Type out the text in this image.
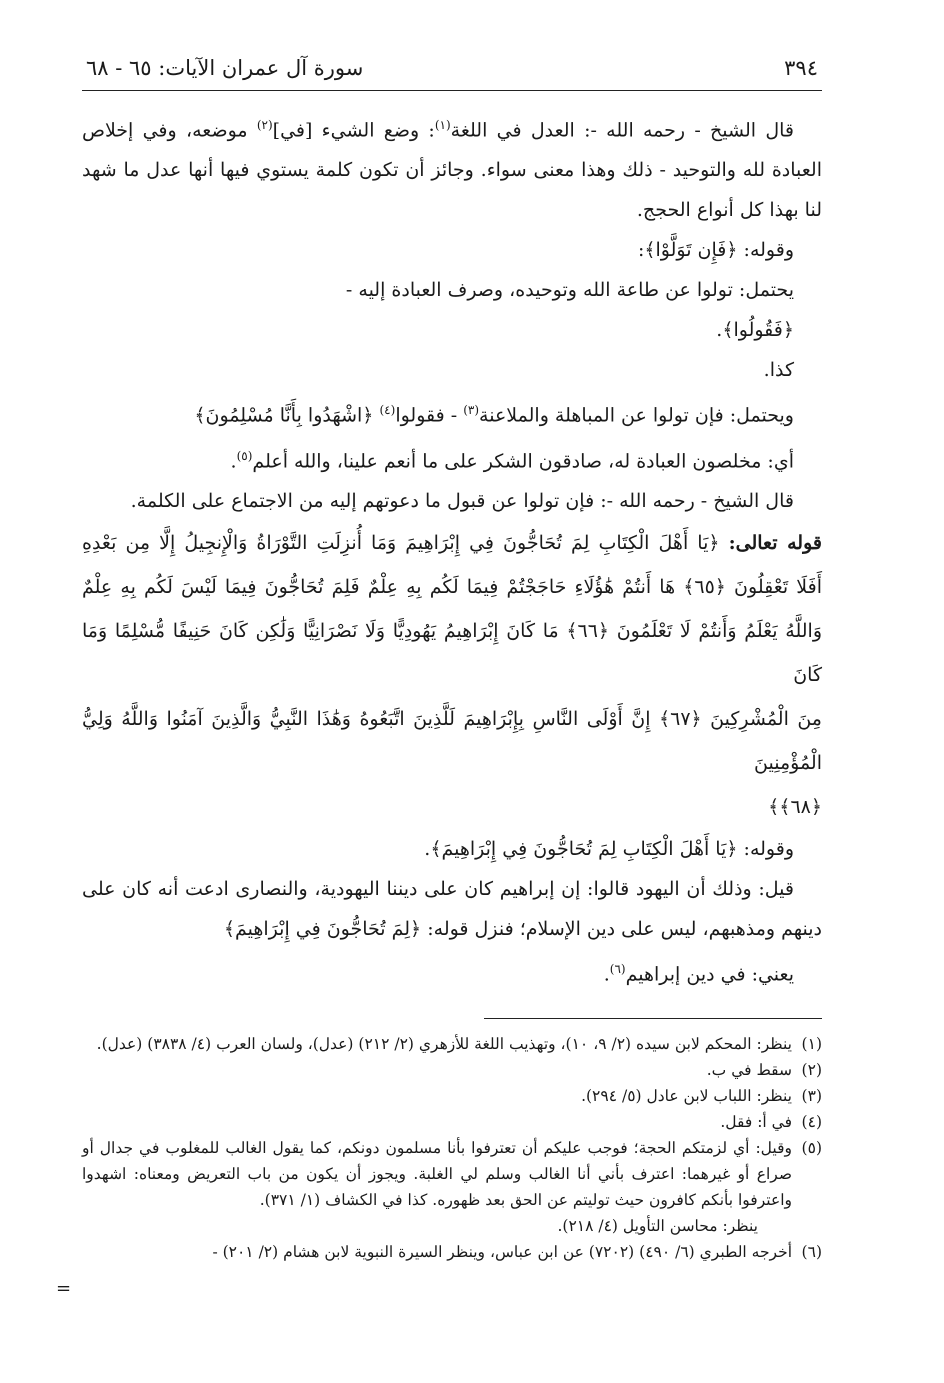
٣٩٤
سورة آل عمران الآيات: ٦٥ - ٦٨

قال الشيخ - رحمه الله -: العدل في اللغة$^{(١)}$: وضع الشيء [في]$^{(٢)}$ موضعه، وفي إخلاص العبادة لله والتوحيد - ذلك وهذا معنى سواء. وجائز أن تكون كلمة يستوي فيها أنها عدل ما شهد لنا بهذا كل أنواع الحجج.

وقوله: ﴿فَإِن تَوَلَّوْا﴾:

يحتمل: تولوا عن طاعة الله وتوحيده، وصرف العبادة إليه -

﴿فَقُولُوا﴾.

كذا.

ويحتمل: فإن تولوا عن المباهلة والملاعنة$^{(٣)}$ - فقولوا$^{(٤)}$ ﴿اشْهَدُوا بِأَنَّا مُسْلِمُونَ﴾

أي: مخلصون العبادة له، صادقون الشكر على ما أنعم علينا، والله أعلم$^{(٥)}$.

قال الشيخ - رحمه الله -: فإن تولوا عن قبول ما دعوتهم إليه من الاجتماع على الكلمة.

قوله تعالى: ﴿يَا أَهْلَ الْكِتَابِ لِمَ تُحَاجُّونَ فِي إِبْرَاهِيمَ وَمَا أُنزِلَتِ التَّوْرَاةُ وَالْإِنجِيلُ إِلَّا مِن بَعْدِهِ

أَفَلَا تَعْقِلُونَ ﴿٦٥﴾ هَا أَنتُمْ هَٰؤُلَاءِ حَاجَجْتُمْ فِيمَا لَكُم بِهِ عِلْمٌ فَلِمَ تُحَاجُّونَ فِيمَا لَيْسَ لَكُم بِهِ عِلْمٌ

وَاللَّهُ يَعْلَمُ وَأَنتُمْ لَا تَعْلَمُونَ ﴿٦٦﴾ مَا كَانَ إِبْرَاهِيمُ يَهُودِيًّا وَلَا نَصْرَانِيًّا وَلَٰكِن كَانَ حَنِيفًا مُّسْلِمًا وَمَا كَانَ

مِنَ الْمُشْرِكِينَ ﴿٦٧﴾ إِنَّ أَوْلَى النَّاسِ بِإِبْرَاهِيمَ لَلَّذِينَ اتَّبَعُوهُ وَهَٰذَا النَّبِيُّ وَالَّذِينَ آمَنُوا وَاللَّهُ وَلِيُّ الْمُؤْمِنِينَ

﴿٦٨﴾﴾

وقوله: ﴿يَا أَهْلَ الْكِتَابِ لِمَ تُحَاجُّونَ فِي إِبْرَاهِيمَ﴾.

قيل: وذلك أن اليهود قالوا: إن إبراهيم كان على ديننا اليهودية، والنصارى ادعت أنه كان على دينهم ومذهبهم، ليس على دين الإسلام؛ فنزل قوله: ﴿لِمَ تُحَاجُّونَ فِي إِبْرَاهِيمَ﴾

يعني: في دين إبراهيم$^{(٦)}$.

(١)
ينظر: المحكم لابن سيده (٢/ ٩، ١٠)، وتهذيب اللغة للأزهري (٢/ ٢١٢) (عدل)، ولسان العرب (٤/ ٣٨٣٨) (عدل).

(٢)
سقط في ب.

(٣)
ينظر: اللباب لابن عادل (٥/ ٢٩٤).

(٤)
في أ: فقل.

(٥)
وقيل: أي لزمتكم الحجة؛ فوجب عليكم أن تعترفوا بأنا مسلمون دونكم، كما يقول الغالب للمغلوب في جدال أو صراع أو غيرهما: اعترف بأني أنا الغالب وسلم لي الغلبة. ويجوز أن يكون من باب التعريض ومعناه: اشهدوا واعترفوا بأنكم كافرون حيث توليتم عن الحق بعد ظهوره. كذا في الكشاف (١/ ٣٧١).

ينظر: محاسن التأويل (٤/ ٢١٨).

(٦)
أخرجه الطبري (٦/ ٤٩٠) (٧٢٠٢) عن ابن عباس، وينظر السيرة النبوية لابن هشام (٢/ ٢٠١) -

=
